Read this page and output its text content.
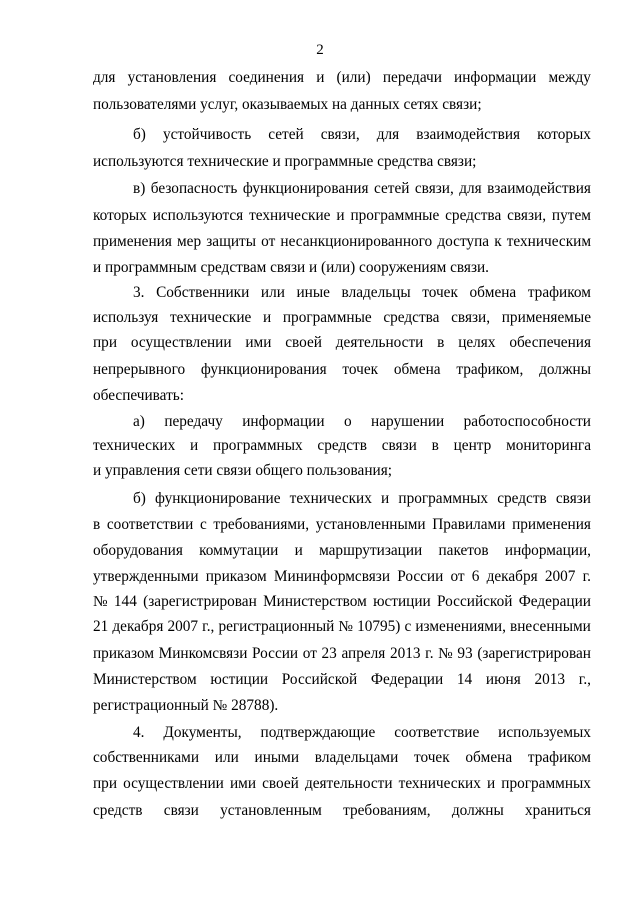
2
для установления соединения и (или) передачи информации между
пользователями услуг, оказываемых на данных сетях связи;
б) устойчивость сетей связи, для взаимодействия которых
используются технические и программные средства связи;
в) безопасность функционирования сетей связи, для взаимодействия
которых используются технические и программные средства связи, путем
применения мер защиты от несанкционированного доступа к техническим
и программным средствам связи и (или) сооружениям связи.
3. Собственники или иные владельцы точек обмена трафиком
используя технические и программные средства связи, применяемые
при осуществлении ими своей деятельности в целях обеспечения
непрерывного функционирования точек обмена трафиком, должны
обеспечивать:
а) передачу информации о нарушении работоспособности
технических и программных средств связи в центр мониторинга
и управления сети связи общего пользования;
б) функционирование технических и программных средств связи
в соответствии с требованиями, установленными Правилами применения
оборудования коммутации и маршрутизации пакетов информации,
утвержденными приказом Мининформсвязи России от 6 декабря 2007 г.
№ 144 (зарегистрирован Министерством юстиции Российской Федерации
21 декабря 2007 г., регистрационный № 10795) с изменениями, внесенными
приказом Минкомсвязи России от 23 апреля 2013 г. № 93 (зарегистрирован
Министерством юстиции Российской Федерации 14 июня 2013 г.,
регистрационный № 28788).
4. Документы, подтверждающие соответствие используемых
собственниками или иными владельцами точек обмена трафиком
при осуществлении ими своей деятельности технических и программных
средств связи установленным требованиям, должны храниться
